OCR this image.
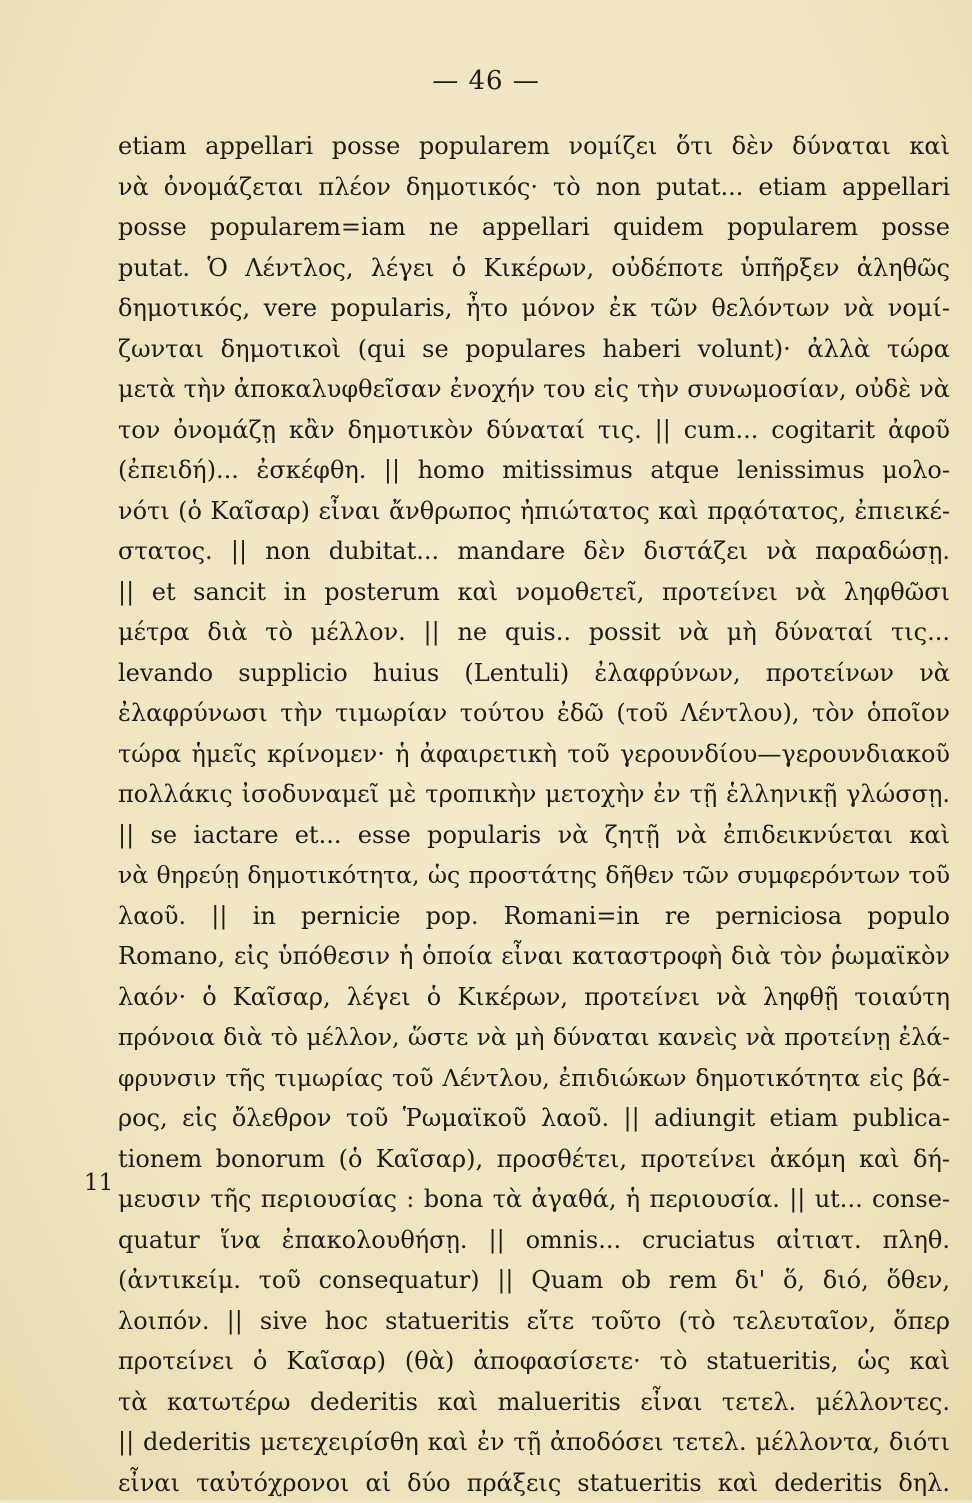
— 46 —
11
etiam appellari posse popularem νομίζει ὅτι δὲν δύναται καὶ
νὰ ὀνομάζεται πλέον δημοτικός· τὸ non putat... etiam appellari
posse popularem=iam ne appellari quidem popularem posse
putat. Ὁ Λέντλος, λέγει ὁ Κικέρων, οὐδέποτε ὑπῆρξεν ἀληθῶς
δημοτικός, vere popularis, ἦτο μόνον ἐκ τῶν θελόντων νὰ νομί-
ζωνται δημοτικοὶ (qui se populares haberi volunt)· ἀλλὰ τώρα
μετὰ τὴν ἀποκαλυφθεῖσαν ἐνοχήν του εἰς τὴν συνωμοσίαν, οὐδὲ νὰ
τον ὀνομάζῃ κἂν δημοτικὸν δύναταί τις. || cum... cogitarit ἀφοῦ
(ἐπειδή)... ἐσκέφθη. || homo mitissimus atque lenissimus μολο-
νότι (ὁ Καῖσαρ) εἶναι ἄνθρωπος ἠπιώτατος καὶ πρᾳότατος, ἐπιεικέ-
στατος. || non dubitat... mandare δὲν διστάζει νὰ παραδώσῃ.
|| et sancit in posterum καὶ νομοθετεῖ, προτείνει νὰ ληφθῶσι
μέτρα διὰ τὸ μέλλον. || ne quis.. possit νὰ μὴ δύναταί τις...
levando supplicio huius (Lentuli) ἐλαφρύνων, προτείνων νὰ
ἐλαφρύνωσι τὴν τιμωρίαν τούτου ἐδῶ (τοῦ Λέντλου), τὸν ὁποῖον
τώρα ἡμεῖς κρίνομεν· ἡ ἀφαιρετικὴ τοῦ γερουνδίου—γερουνδιακοῦ
πολλάκις ἰσοδυναμεῖ μὲ τροπικὴν μετοχὴν ἐν τῇ ἑλληνικῇ γλώσσῃ.
|| se iactare et... esse popularis νὰ ζητῇ νὰ ἐπιδεικνύεται καὶ
νὰ θηρεύῃ δημοτικότητα, ὡς προστάτης δῆθεν τῶν συμφερόντων τοῦ
λαοῦ. || in pernicie pop. Romani=in re perniciosa populo
Romano, εἰς ὑπόθεσιν ἡ ὁποία εἶναι καταστροφὴ διὰ τὸν ῥωμαϊκὸν
λαόν· ὁ Καῖσαρ, λέγει ὁ Κικέρων, προτείνει νὰ ληφθῇ τοιαύτη
πρόνοια διὰ τὸ μέλλον, ὥστε νὰ μὴ δύναται κανεὶς νὰ προτείνῃ ἐλά-
φρυνσιν τῆς τιμωρίας τοῦ Λέντλου, ἐπιδιώκων δημοτικότητα εἰς βά-
ρος, εἰς ὄλεθρον τοῦ Ῥωμαϊκοῦ λαοῦ. || adiungit etiam publica-
tionem bonorum (ὁ Καῖσαρ), προσθέτει, προτείνει ἀκόμη καὶ δή-
μευσιν τῆς περιουσίας : bona τὰ ἀγαθά, ἡ περιουσία. || ut... conse-
quatur ἵνα ἐπακολουθήσῃ. || omnis... cruciatus αἰτιατ. πληθ.
(ἀντικείμ. τοῦ consequatur) || Quam ob rem δι' ὅ, διό, ὅθεν,
λοιπόν. || sive hoc statueritis εἴτε τοῦτο (τὸ τελευταῖον, ὅπερ
προτείνει ὁ Καῖσαρ) (θὰ) ἀποφασίσετε· τὸ statueritis, ὡς καὶ
τὰ κατωτέρω dederitis καὶ malueritis εἶναι τετελ. μέλλοντες.
|| dederitis μετεχειρίσθη καὶ ἐν τῇ ἀποδόσει τετελ. μέλλοντα, διότι
εἶναι ταὐτόχρονοι αἱ δύο πράξεις statueritis καὶ dederitis δηλ.
